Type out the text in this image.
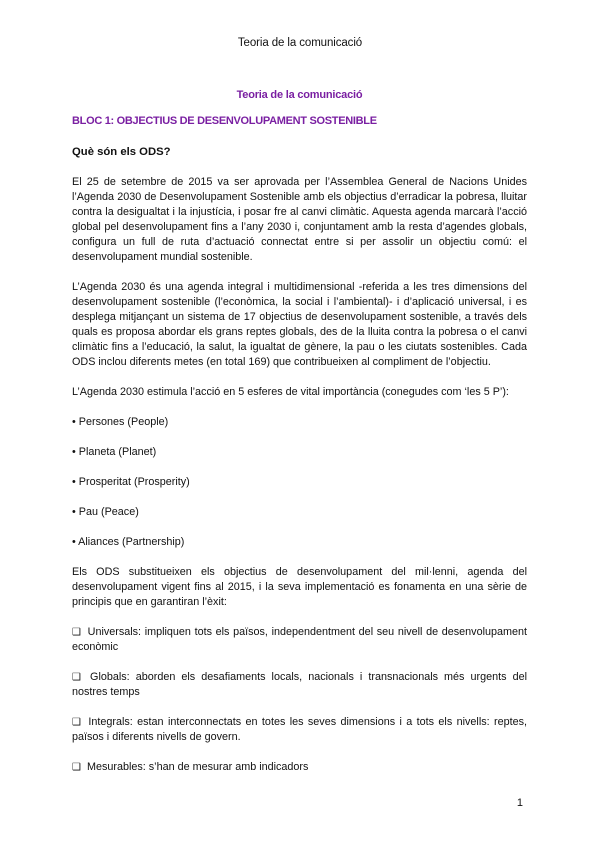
Teoria de la comunicació
Teoria de la comunicació
BLOC 1: OBJECTIUS DE DESENVOLUPAMENT SOSTENIBLE
Què són els ODS?

El 25 de setembre de 2015 va ser aprovada per l’Assemblea General de Nacions Unides l’Agenda 2030 de Desenvolupament Sostenible amb els objectius d’erradicar la pobresa, lluitar contra la desigualtat i la injustícia, i posar fre al canvi climàtic. Aquesta agenda marcarà l’acció global pel desenvolupament fins a l’any 2030 i, conjuntament amb la resta d’agendes globals, configura un full de ruta d’actuació connectat entre si per assolir un objectiu comú: el desenvolupament mundial sostenible.

L’Agenda 2030 és una agenda integral i multidimensional -referida a les tres dimensions del desenvolupament sostenible (l’econòmica, la social i l’ambiental)- i d’aplicació universal, i es desplega mitjançant un sistema de 17 objectius de desenvolupament sostenible, a través dels quals es proposa abordar els grans reptes globals, des de la lluita contra la pobresa o el canvi climàtic fins a l’educació, la salut, la igualtat de gènere, la pau o les ciutats sostenibles. Cada ODS inclou diferents metes (en total 169) que contribueixen al compliment de l’objectiu.

L’Agenda 2030 estimula l’acció en 5 esferes de vital importància (conegudes com ‘les 5 P’):

• Persones (People)
• Planeta (Planet)
• Prosperitat (Prosperity)
• Pau (Peace)
• Aliances (Partnership)

Els ODS substitueixen els objectius de desenvolupament del mil·lenni, agenda del desenvolupament vigent fins al 2015, i la seva implementació es fonamenta en una sèrie de principis que en garantiran l’èxit:

❑ Universals: impliquen tots els països, independentment del seu nivell de desenvolupament econòmic
❑ Globals: aborden els desafiaments locals, nacionals i transnacionals més urgents del nostres temps
❑ Integrals: estan interconnectats en totes les seves dimensions i a tots els nivells: reptes, països i diferents nivells de govern.
❑ Mesurables: s’han de mesurar amb indicadors
1
